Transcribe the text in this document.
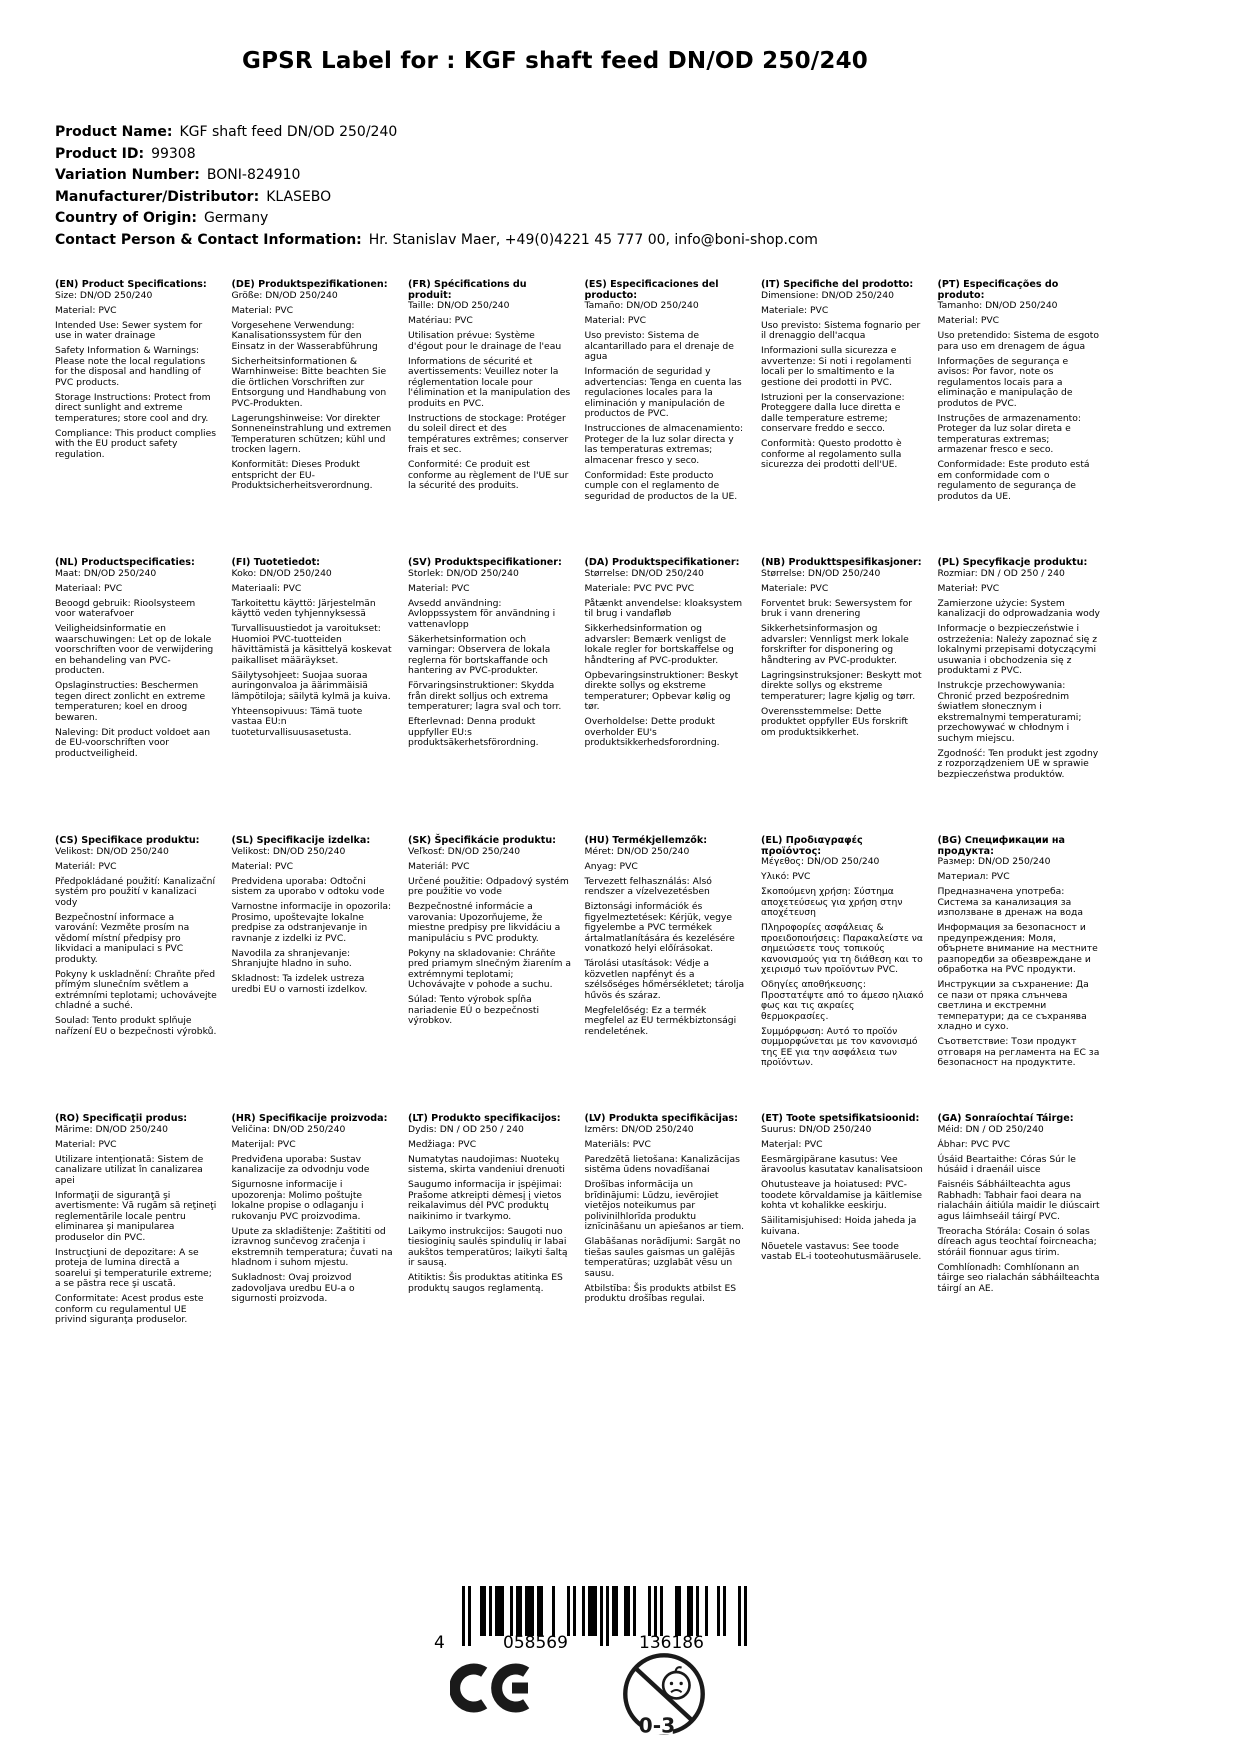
GPSR Label for : KGF shaft feed DN/OD 250/240
Product Name: KGF shaft feed DN/OD 250/240
Product ID: 99308
Variation Number: BONI-824910
Manufacturer/Distributor: KLASEBO
Country of Origin: Germany
Contact Person & Contact Information: Hr. Stanislav Maer, +49(0)4221 45 777 00, info@boni-shop.com
(EN) Product Specifications:

Size: DN/OD 250/240

Material: PVC

Intended Use: Sewer system for use in water drainage

Safety Information & Warnings: Please note the local regulations for the disposal and handling of PVC products.

Storage Instructions: Protect from direct sunlight and extreme temperatures; store cool and dry.

Compliance: This product complies with the EU product safety regulation.

(DE) Produktspezifikationen:

Größe: DN/OD 250/240

Material: PVC

Vorgesehene Verwendung: Kanalisationssystem für den Einsatz in der Wasserabführung

Sicherheitsinformationen & Warnhinweise: Bitte beachten Sie die örtlichen Vorschriften zur Entsorgung und Handhabung von PVC-Produkten.

Lagerungshinweise: Vor direkter Sonneneinstrahlung und extremen Temperaturen schützen; kühl und trocken lagern.

Konformität: Dieses Produkt entspricht der EU-Produktsicherheitsverordnung.

(FR) Spécifications du produit:

Taille: DN/OD 250/240

Matériau: PVC

Utilisation prévue: Système d'égout pour le drainage de l'eau

Informations de sécurité et avertissements: Veuillez noter la réglementation locale pour l'élimination et la manipulation des produits en PVC.

Instructions de stockage: Protéger du soleil direct et des températures extrêmes; conserver frais et sec.

Conformité: Ce produit est conforme au règlement de l'UE sur la sécurité des produits.

(ES) Especificaciones del producto:

Tamaño: DN/OD 250/240

Material: PVC

Uso previsto: Sistema de alcantarillado para el drenaje de agua

Información de seguridad y advertencias: Tenga en cuenta las regulaciones locales para la eliminación y manipulación de productos de PVC.

Instrucciones de almacenamiento: Proteger de la luz solar directa y las temperaturas extremas; almacenar fresco y seco.

Conformidad: Este producto cumple con el reglamento de seguridad de productos de la UE.

(IT) Specifiche del prodotto:

Dimensione: DN/OD 250/240

Materiale: PVC

Uso previsto: Sistema fognario per il drenaggio dell'acqua

Informazioni sulla sicurezza e avvertenze: Si noti i regolamenti locali per lo smaltimento e la gestione dei prodotti in PVC.

Istruzioni per la conservazione: Proteggere dalla luce diretta e dalle temperature estreme; conservare freddo e secco.

Conformità: Questo prodotto è conforme al regolamento sulla sicurezza dei prodotti dell'UE.

(PT) Especificações do produto:

Tamanho: DN/OD 250/240

Material: PVC

Uso pretendido: Sistema de esgoto para uso em drenagem de água

Informações de segurança e avisos: Por favor, note os regulamentos locais para a eliminação e manipulação de produtos de PVC.

Instruções de armazenamento: Proteger da luz solar direta e temperaturas extremas; armazenar fresco e seco.

Conformidade: Este produto está em conformidade com o regulamento de segurança de produtos da UE.

(NL) Productspecificaties:

Maat: DN/OD 250/240

Materiaal: PVC

Beoogd gebruik: Rioolsysteem voor waterafvoer

Veiligheidsinformatie en waarschuwingen: Let op de lokale voorschriften voor de verwijdering en behandeling van PVC-producten.

Opslaginstructies: Beschermen tegen direct zonlicht en extreme temperaturen; koel en droog bewaren.

Naleving: Dit product voldoet aan de EU-voorschriften voor productveiligheid.

(FI) Tuotetiedot:

Koko: DN/OD 250/240

Materiaali: PVC

Tarkoitettu käyttö: Järjestelmän käyttö veden tyhjennyksessä

Turvallisuustiedot ja varoitukset: Huomioi PVC-tuotteiden hävittämistä ja käsittelyä koskevat paikalliset määräykset.

Säilytysohjeet: Suojaa suoraa auringonvaloa ja äärimmäisiä lämpötiloja; säilytä kylmä ja kuiva.

Yhteensopivuus: Tämä tuote vastaa EU:n tuoteturvallisuusasetusta.

(SV) Produktspecifikationer:

Storlek: DN/OD 250/240

Material: PVC

Avsedd användning: Avloppssystem för användning i vattenavlopp

Säkerhetsinformation och varningar: Observera de lokala reglerna för bortskaffande och hantering av PVC-produkter.

Förvaringsinstruktioner: Skydda från direkt solljus och extrema temperaturer; lagra sval och torr.

Efterlevnad: Denna produkt uppfyller EU:s produktsäkerhetsförordning.

(DA) Produktspecifikationer:

Størrelse: DN/OD 250/240

Materiale: PVC PVC PVC

Påtænkt anvendelse: kloaksystem til brug i vandafløb

Sikkerhedsinformation og advarsler: Bemærk venligst de lokale regler for bortskaffelse og håndtering af PVC-produkter.

Opbevaringsinstruktioner: Beskyt direkte sollys og ekstreme temperaturer; Opbevar kølig og tør.

Overholdelse: Dette produkt overholder EU's produktsikkerhedsforordning.

(NB) Produkttspesifikasjoner:

Størrelse: DN/OD 250/240

Materiale: PVC

Forventet bruk: Sewersystem for bruk i vann drenering

Sikkerhetsinformasjon og advarsler: Vennligst merk lokale forskrifter for disponering og håndtering av PVC-produkter.

Lagringsinstruksjoner: Beskytt mot direkte sollys og ekstreme temperaturer; lagre kjølig og tørr.

Overensstemmelse: Dette produktet oppfyller EUs forskrift om produktsikkerhet.

(PL) Specyfikacje produktu:

Rozmiar: DN / OD 250 / 240

Materiał: PVC

Zamierzone użycie: System kanalizacji do odprowadzania wody

Informacje o bezpieczeństwie i ostrzeżenia: Należy zapoznać się z lokalnymi przepisami dotyczącymi usuwania i obchodzenia się z produktami z PVC.

Instrukcje przechowywania: Chronić przed bezpośrednim światłem słonecznym i ekstremalnymi temperaturami; przechowywać w chłodnym i suchym miejscu.

Zgodność: Ten produkt jest zgodny z rozporządzeniem UE w sprawie bezpieczeństwa produktów.

(CS) Specifikace produktu:

Velikost: DN/OD 250/240

Materiál: PVC

Předpokládané použití: Kanalizační systém pro použití v kanalizaci vody

Bezpečnostní informace a varování: Vezměte prosím na vědomí místní předpisy pro likvidaci a manipulaci s PVC produkty.

Pokyny k uskladnění: Chraňte před přímým slunečním světlem a extrémními teplotami; uchovávejte chladné a suché.

Soulad: Tento produkt splňuje nařízení EU o bezpečnosti výrobků.

(SL) Specifikacije izdelka:

Velikost: DN/OD 250/240

Material: PVC

Predvidena uporaba: Odtočni sistem za uporabo v odtoku vode

Varnostne informacije in opozorila: Prosimo, upoštevajte lokalne predpise za odstranjevanje in ravnanje z izdelki iz PVC.

Navodila za shranjevanje: Shranjujte hladno in suho.

Skladnost: Ta izdelek ustreza uredbi EU o varnosti izdelkov.

(SK) Špecifikácie produktu:

Veľkosť: DN/OD 250/240

Materiál: PVC

Určené použitie: Odpadový systém pre použitie vo vode

Bezpečnostné informácie a varovania: Upozorňujeme, že miestne predpisy pre likvidáciu a manipuláciu s PVC produkty.

Pokyny na skladovanie: Chráňte pred priamym slnečným žiarením a extrémnymi teplotami; Uchovávajte v pohode a suchu.

Súlad: Tento výrobok spĺňa nariadenie EÚ o bezpečnosti výrobkov.

(HU) Termékjellemzők:

Méret: DN/OD 250/240

Anyag: PVC

Tervezett felhasználás: Alsó rendszer a vízelvezetésben

Biztonsági információk és figyelmeztetések: Kérjük, vegye figyelembe a PVC termékek ártalmatlanítására és kezelésére vonatkozó helyi előírásokat.

Tárolási utasítások: Védje a közvetlen napfényt és a szélsőséges hőmérsékletet; tárolja hűvös és száraz.

Megfelelőség: Ez a termék megfelel az EU termékbiztonsági rendeletének.

(EL) Προδιαγραφές προϊόντος:

Μέγεθος: DN/OD 250/240

Υλικό: PVC

Σκοπούμενη χρήση: Σύστημα αποχετεύσεως για χρήση στην αποχέτευση

Πληροφορίες ασφάλειας & προειδοποιήσεις: Παρακαλείστε να σημειώσετε τους τοπικούς κανονισμούς για τη διάθεση και το χειρισμό των προϊόντων PVC.

Οδηγίες αποθήκευσης: Προστατέψτε από το άμεσο ηλιακό φως και τις ακραίες θερμοκρασίες.

Συμμόρφωση: Αυτό το προϊόν συμμορφώνεται με τον κανονισμό της ΕΕ για την ασφάλεια των προϊόντων.

(BG) Спецификации на продукта:

Размер: DN/OD 250/240

Материал: PVC

Предназначена употреба: Система за канализация за използване в дренаж на вода

Информация за безопасност и предупреждения: Моля, обърнете внимание на местните разпоредби за обезвреждане и обработка на PVC продукти.

Инструкции за съхранение: Да се пази от пряка слънчева светлина и екстремни температури; да се съхранява хладно и сухо.

Съответствие: Този продукт отговаря на регламента на ЕС за безопасност на продуктите.

(RO) Specificaţii produs:

Mărime: DN/OD 250/240

Material: PVC

Utilizare intenţionată: Sistem de canalizare utilizat în canalizarea apei

Informaţii de siguranţă şi avertismente: Vă rugăm să reţineţi reglementările locale pentru eliminarea şi manipularea produselor din PVC.

Instrucţiuni de depozitare: A se proteja de lumina directă a soarelui şi temperaturile extreme; a se păstra rece şi uscată.

Conformitate: Acest produs este conform cu regulamentul UE privind siguranţa produselor.

(HR) Specifikacije proizvoda:

Veličina: DN/OD 250/240

Materijal: PVC

Predviđena uporaba: Sustav kanalizacije za odvodnju vode

Sigurnosne informacije i upozorenja: Molimo poštujte lokalne propise o odlaganju i rukovanju PVC proizvodima.

Upute za skladištenje: Zaštititi od izravnog sunčevog zračenja i ekstremnih temperatura; čuvati na hladnom i suhom mjestu.

Sukladnost: Ovaj proizvod zadovoljava uredbu EU-a o sigurnosti proizvoda.

(LT) Produkto specifikacijos:

Dydis: DN / OD 250 / 240

Medžiaga: PVC

Numatytas naudojimas: Nuotekų sistema, skirta vandeniui drenuoti

Saugumo informacija ir įspėjimai: Prašome atkreipti dėmesį į vietos reikalavimus dėl PVC produktų naikinimo ir tvarkymo.

Laikymo instrukcijos: Saugoti nuo tiesioginių saulės spindulių ir labai aukštos temperatūros; laikyti šaltą ir sausą.

Atitiktis: Šis produktas atitinka ES produktų saugos reglamentą.

(LV) Produkta specifikācijas:

Izmērs: DN/OD 250/240

Materiāls: PVC

Paredzētā lietošana: Kanalizācijas sistēma ūdens novadīšanai

Drošības informācija un brīdinājumi: Lūdzu, ievērojiet vietējos noteikumus par polivinilhlorīda produktu iznīcināšanu un apiešanos ar tiem.

Glabāšanas norādījumi: Sargāt no tiešas saules gaismas un galējās temperatūras; uzglabāt vēsu un sausu.

Atbilstība: Šis produkts atbilst ES produktu drošības regulai.

(ET) Toote spetsifikatsioonid:

Suurus: DN/OD 250/240

Materjal: PVC

Eesmärgipärane kasutus: Vee äravoolus kasutatav kanalisatsioon

Ohutusteave ja hoiatused: PVC-toodete kõrvaldamise ja käitlemise kohta vt kohalikke eeskirju.

Säilitamisjuhised: Hoida jaheda ja kuivana.

Nõuetele vastavus: See toode vastab EL-i tooteohutusmäärusele.

(GA) Sonraíochtaí Táirge:

Méid: DN / OD 250/240

Ábhar: PVC PVC

Úsáid Beartaithe: Córas Súr le húsáid i draenáil uisce

Faisnéis Sábháilteachta agus Rabhadh: Tabhair faoi deara na rialacháin áitiúla maidir le diúscairt agus láimhseáil táirgí PVC.

Treoracha Stórála: Cosain ó solas díreach agus teochtaí foircneacha; stóráil fionnuar agus tirim.

Comhlíonadh: Comhlíonann an táirge seo rialachán sábháilteachta táirgí an AE.

4	058569	136186
0-3
